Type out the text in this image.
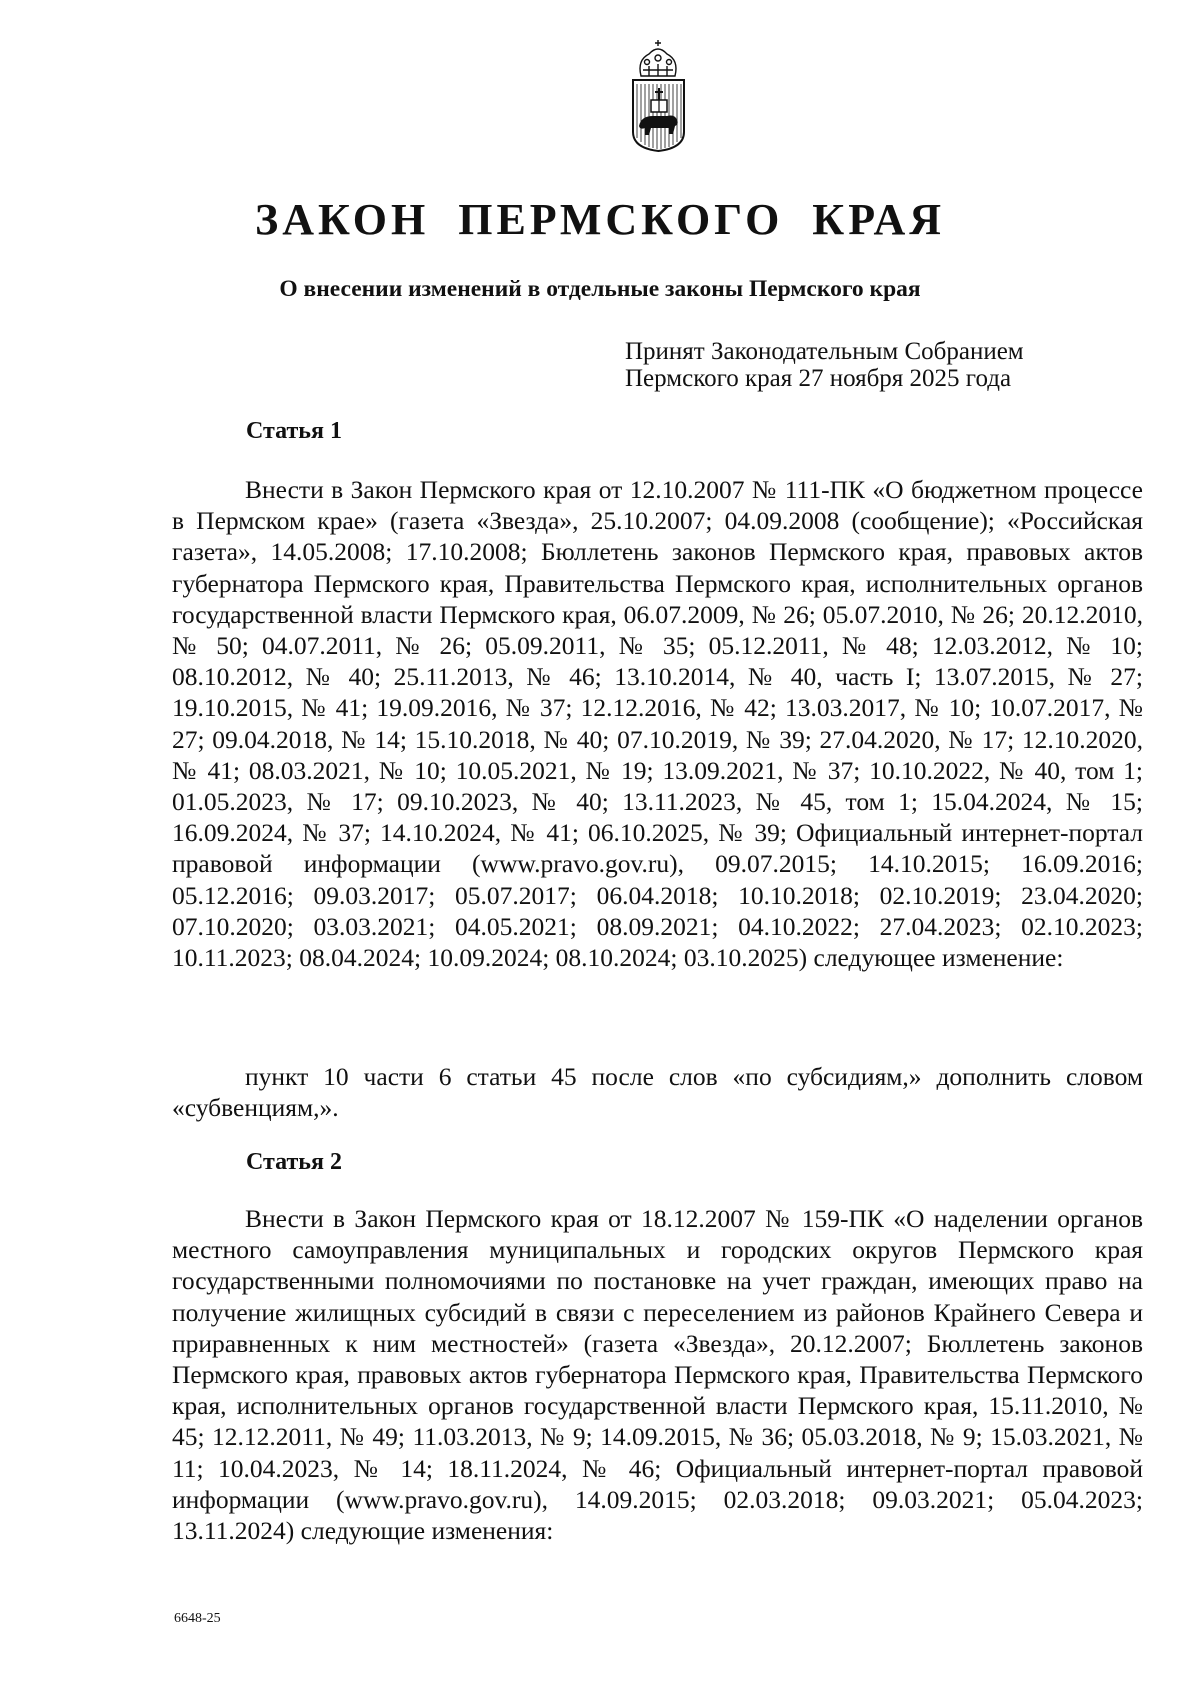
ЗАКОН ПЕРМСКОГО КРАЯ
О внесении изменений в отдельные законы Пермского края
Принят Законодательным Собранием
Пермского края 27 ноября 2025 года
Статья 1

Внести в Закон Пермского края от 12.10.2007 № 111-ПК «О бюджетном процессе в Пермском крае» (газета «Звезда», 25.10.2007; 04.09.2008 (сообщение); «Российская газета», 14.05.2008; 17.10.2008; Бюллетень законов Пермского края, правовых актов губернатора Пермского края, Правительства Пермского края, исполнительных органов государственной власти Пермского края, 06.07.2009, № 26; 05.07.2010, № 26; 20.12.2010, № 50; 04.07.2011, № 26; 05.09.2011, № 35; 05.12.2011, № 48; 12.03.2012, № 10; 08.10.2012, № 40; 25.11.2013, № 46; 13.10.2014, № 40, часть I; 13.07.2015, № 27; 19.10.2015, № 41; 19.09.2016, № 37; 12.12.2016, № 42; 13.03.2017, № 10; 10.07.2017, № 27; 09.04.2018, № 14; 15.10.2018, № 40; 07.10.2019, № 39; 27.04.2020, № 17; 12.10.2020, № 41; 08.03.2021, № 10; 10.05.2021, № 19; 13.09.2021, № 37; 10.10.2022, № 40, том 1; 01.05.2023, № 17; 09.10.2023, № 40; 13.11.2023, № 45, том 1; 15.04.2024, № 15; 16.09.2024, № 37; 14.10.2024, № 41; 06.10.2025, № 39; Официальный интернет-портал правовой информации (www.pravo.gov.ru), 09.07.2015; 14.10.2015; 16.09.2016; 05.12.2016; 09.03.2017; 05.07.2017; 06.04.2018; 10.10.2018; 02.10.2019; 23.04.2020; 07.10.2020; 03.03.2021; 04.05.2021; 08.09.2021; 04.10.2022; 27.04.2023; 02.10.2023; 10.11.2023; 08.04.2024; 10.09.2024; 08.10.2024; 03.10.2025) следующее изменение:

пункт 10 части 6 статьи 45 после слов «по субсидиям,» дополнить словом «субвенциям,».

Статья 2

Внести в Закон Пермского края от 18.12.2007 № 159-ПК «О наделении органов местного самоуправления муниципальных и городских округов Пермского края государственными полномочиями по постановке на учет граждан, имеющих право на получение жилищных субсидий в связи с переселением из районов Крайнего Севера и приравненных к ним местностей» (газета «Звезда», 20.12.2007; Бюллетень законов Пермского края, правовых актов губернатора Пермского края, Правительства Пермского края, исполнительных органов государственной власти Пермского края, 15.11.2010, № 45; 12.12.2011, № 49; 11.03.2013, № 9; 14.09.2015, № 36; 05.03.2018, № 9; 15.03.2021, № 11; 10.04.2023, № 14; 18.11.2024, № 46; Официальный интернет-портал правовой информации (www.pravo.gov.ru), 14.09.2015; 02.03.2018; 09.03.2021; 05.04.2023; 13.11.2024) следующие изменения:

6648-25
